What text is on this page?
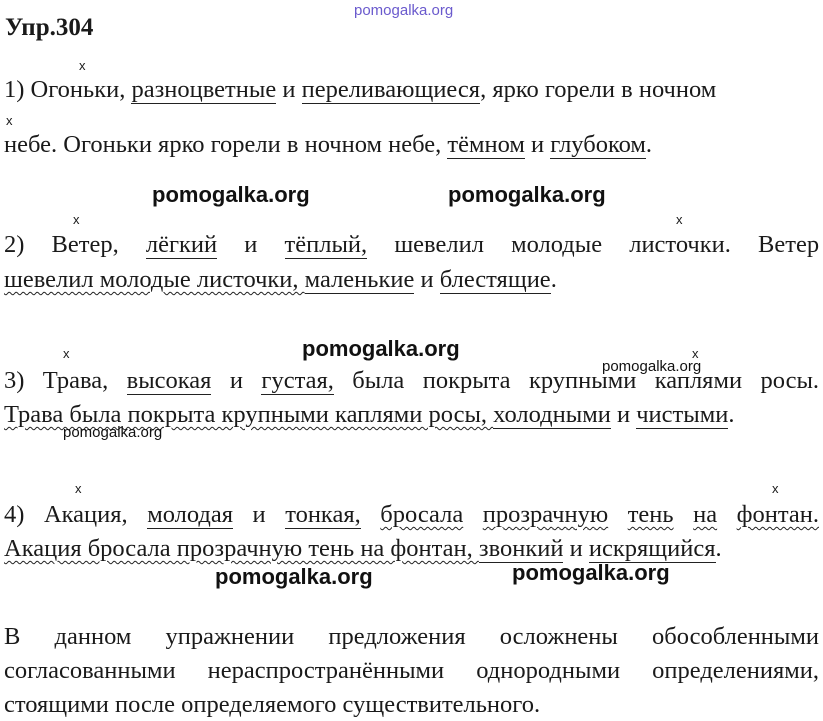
pomogalka.org
Упр.304
x
1) Огоньки, разноцветные и переливающиеся, ярко горели в ночном
x
небе. Огоньки ярко горели в ночном небе, тёмном и глубоком.
pomogalka.org	pomogalka.org
x	x
2) Ветер, лёгкий и тёплый, шевелил молодые листочки. Ветер
шевелил молодые листочки, маленькие и блестящие.
pomogalka.org
x	x
pomogalka.org
3) Трава, высокая и густая, была покрыта крупными каплями росы.
Трава была покрыта крупными каплями росы, холодными и чистыми.
pomogalka.org
x	x
4) Акация, молодая и тонкая, бросала прозрачную тень на фонтан.
Акация бросала прозрачную тень на фонтан, звонкий и искрящийся.
pomogalka.org	pomogalka.org
В данном упражнении предложения осложнены обособленными
согласованными нераспространёнными однородными определениями,
стоящими после определяемого существительного.
